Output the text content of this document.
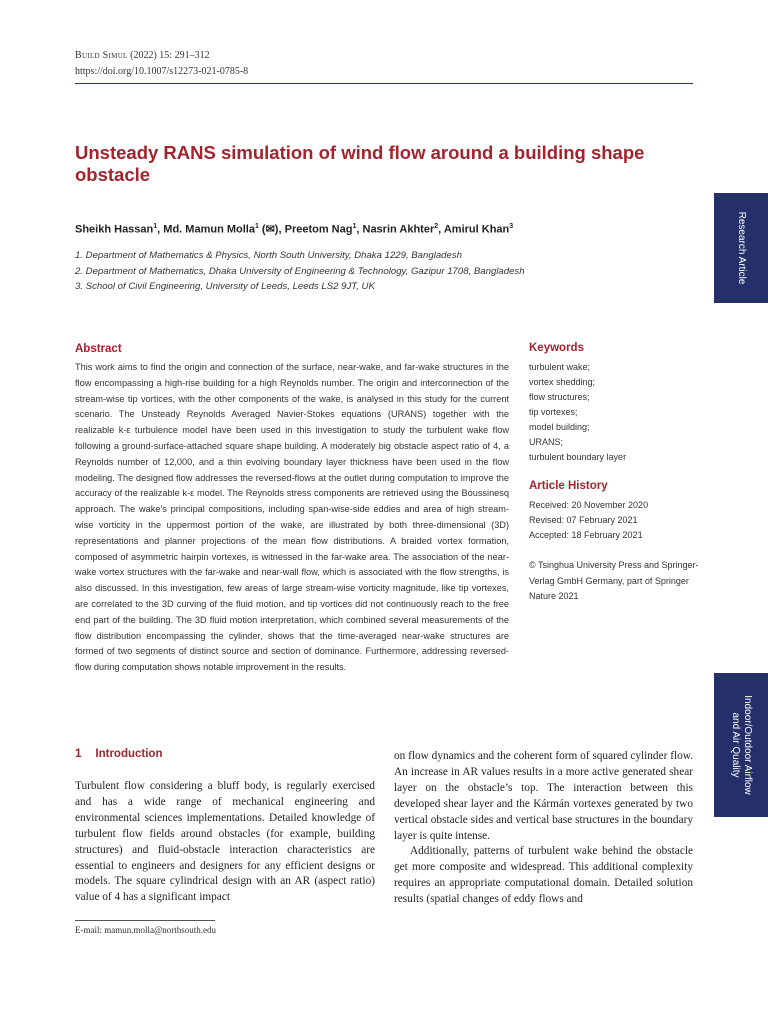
Build Simul (2022) 15: 291–312
https://doi.org/10.1007/s12273-021-0785-8
Unsteady RANS simulation of wind flow around a building shape obstacle
Sheikh Hassan$^1$, Md. Mamun Molla$^1$ (✉), Preetom Nag$^1$, Nasrin Akhter$^2$, Amirul Khan$^3$
1. Department of Mathematics & Physics, North South University, Dhaka 1229, Bangladesh
2. Department of Mathematics, Dhaka University of Engineering & Technology, Gazipur 1708, Bangladesh
3. School of Civil Engineering, University of Leeds, Leeds LS2 9JT, UK
Abstract
This work aims to find the origin and connection of the surface, near-wake, and far-wake structures in the flow encompassing a high-rise building for a high Reynolds number. The origin and interconnection of the stream-wise tip vortices, with the other components of the wake, is analysed in this study for the current scenario. The Unsteady Reynolds Averaged Navier-Stokes equations (URANS) together with the realizable k-ε turbulence model have been used in this investigation to study the turbulent wake flow following a ground-surface-attached square shape building. A moderately big obstacle aspect ratio of 4, a Reynolds number of 12,000, and a thin evolving boundary layer thickness have been used in the flow modeling. The designed flow addresses the reversed-flows at the outlet during computation to improve the accuracy of the realizable k-ε model. The Reynolds stress components are retrieved using the Boussinesq approach. The wake’s principal compositions, including span-wise-side eddies and area of high stream-wise vorticity in the uppermost portion of the wake, are illustrated by both three-dimensional (3D) representations and planner projections of the mean flow distributions. A braided vortex formation, composed of asymmetric hairpin vortexes, is witnessed in the far-wake area. The association of the near-wake vortex structures with the far-wake and near-wall flow, which is associated with the flow strengths, is also discussed. In this investigation, few areas of large stream-wise vorticity magnitude, like tip vortexes, are correlated to the 3D curving of the fluid motion, and tip vortices did not continuously reach to the free end part of the building. The 3D fluid motion interpretation, which combined several measurements of the flow distribution encompassing the cylinder, shows that the time-averaged near-wake structures are formed of two segments of distinct source and section of dominance. Furthermore, addressing reversed-flow during computation shows notable improvement in the results.
Keywords
turbulent wake;
vortex shedding;
flow structures;
tip vortexes;
model building;
URANS;
turbulent boundary layer
Article History
Received: 20 November 2020
Revised: 07 February 2021
Accepted: 18 February 2021
© Tsinghua University Press and Springer-Verlag GmbH Germany, part of Springer Nature 2021
Research Article
Indoor/Outdoor Airflow
and Air Quality
1 Introduction

Turbulent flow considering a bluff body, is regularly exercised and has a wide range of mechanical engineering and environmental sciences implementations. Detailed knowledge of turbulent flow fields around obstacles (for example, building structures) and fluid-obstacle interaction characteristics are essential to engineers and designers for any efficient designs or models. The square cylindrical design with an AR (aspect ratio) value of 4 has a significant impact

on flow dynamics and the coherent form of squared cylinder flow. An increase in AR values results in a more active generated shear layer on the obstacle’s top. The interaction between this developed shear layer and the Kármán vortexes generated by two vertical obstacle sides and vertical base structures in the boundary layer is quite intense.

Additionally, patterns of turbulent wake behind the obstacle get more composite and widespread. This additional complexity requires an appropriate computational domain. Detailed solution results (spatial changes of eddy flows and

E-mail: mamun.molla@northsouth.edu
